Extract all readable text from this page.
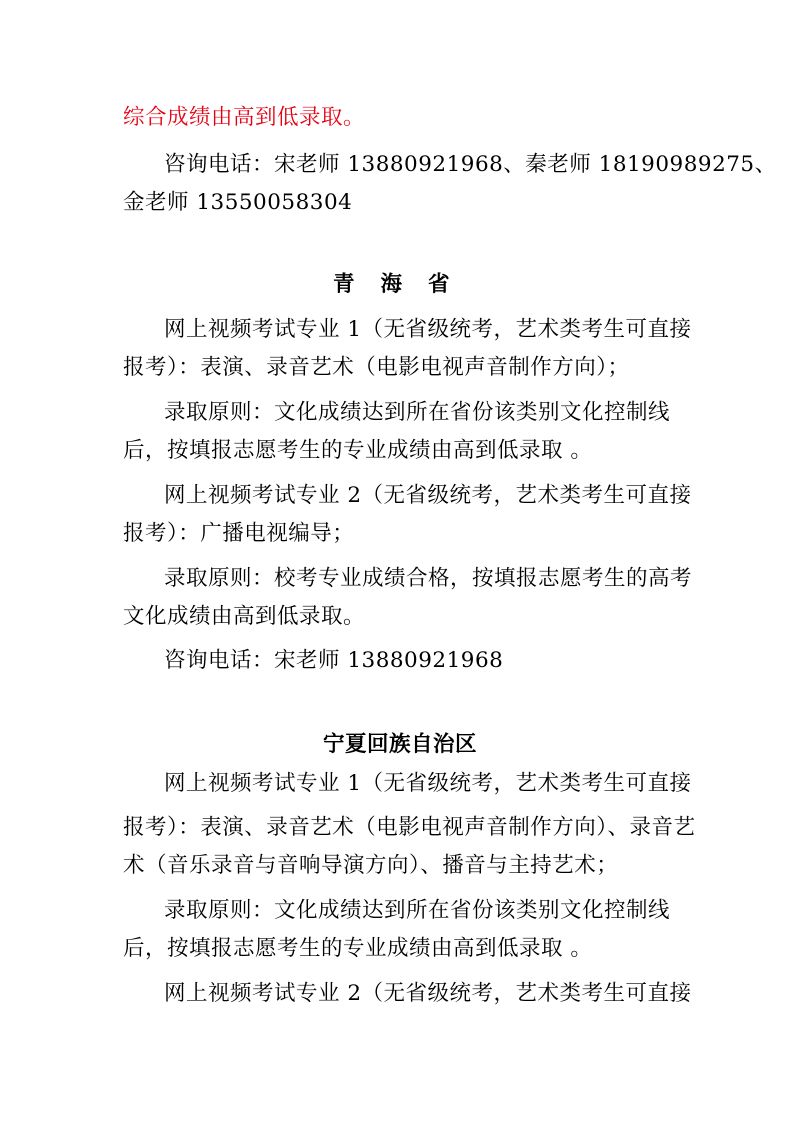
综合成绩由高到低录取。
咨询电话：宋老师 13880921968、秦老师 18190989275、
金老师 13550058304
青海省
网上视频考试专业 1（无省级统考，艺术类考生可直接
报考）：表演、录音艺术（电影电视声音制作方向）；
录取原则：文化成绩达到所在省份该类别文化控制线
后，按填报志愿考生的专业成绩由高到低录取 。
网上视频考试专业 2（无省级统考，艺术类考生可直接
报考）：广播电视编导；
录取原则：校考专业成绩合格，按填报志愿考生的高考
文化成绩由高到低录取。
咨询电话：宋老师 13880921968
宁夏回族自治区
网上视频考试专业 1（无省级统考，艺术类考生可直接
报考）：表演、录音艺术（电影电视声音制作方向）、录音艺
术（音乐录音与音响导演方向）、播音与主持艺术；
录取原则：文化成绩达到所在省份该类别文化控制线
后，按填报志愿考生的专业成绩由高到低录取 。
网上视频考试专业 2（无省级统考，艺术类考生可直接
